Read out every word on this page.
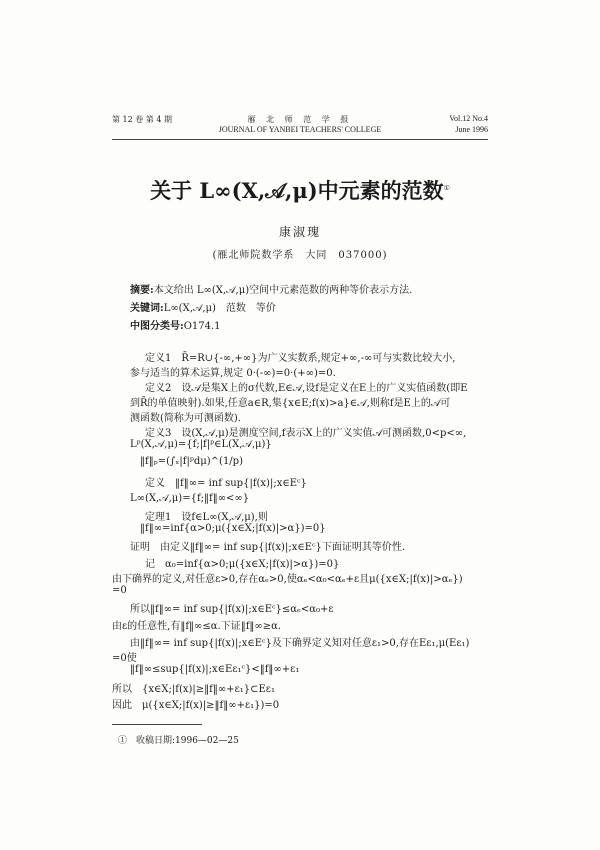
第 12 卷 第 4 期	雁 北 师 范 学 报
JOURNAL OF YANBEI TEACHERS' COLLEGE
Vol.12 No.4
June 1996
关于 L∞(X,𝒜,μ)中元素的范数①
康淑瑰
(雁北师院数学系　大同　037000)
摘要:本文给出 L∞(X,𝒜,μ)空间中元素范数的两种等价表示方法.
关键词:L∞(X,𝒜,μ)　范数　等价
中图分类号:O174.1
定义1　R̄=R∪{-∞,+∞}为广义实数系,规定+∞,-∞可与实数比较大小,
参与适当的算术运算,规定 0·(-∞)=0·(+∞)=0.
定义2　设𝒜是集X上的σ代数,E∈𝒜,设f是定义在E上的广义实值函数(即E
到R̄的单值映射).如果,任意a∈R,集{x∈E;f(x)>a}∈𝒜,则称f是E上的𝒜可
测函数(简称为可测函数).
定义3　设(X,𝒜,μ)是测度空间,f表示X上的广义实值𝒜可测函数,0<p<∞,
Lᵖ(X,𝒜,μ)={f;|f|ᵖ∈L(X,𝒜,μ)}
‖f‖ₚ=(∫ₓ|f|ᵖdμ)^(1/p)
定义　‖f‖∞= inf sup{|f(x)|;x∈Eᶜ}
L∞(X,𝒜,μ)={f;‖f‖∞<∞}
定理1　设f∈L∞(X,𝒜,μ),则
‖f‖∞=inf{α>0;μ({x∈X;|f(x)|>α})=0}
证明　由定义‖f‖∞= inf sup{|f(x)|;x∈Eᶜ}下面证明其等价性.
记　α₀=inf{α>0;μ({x∈X;|f(x)|>α})=0}
由下确界的定义,对任意ε>0,存在αₑ>0,使αₑ<α₀<αₑ+ε且μ({x∈X;|f(x)|>αₑ})
=0
所以‖f‖∞= inf sup{|f(x)|;x∈Eᶜ}≤αₑ<α₀+ε
由ε的任意性,有‖f‖∞≤α.下证‖f‖∞≥α.
由‖f‖∞= inf sup{|f(x)|;x∈Eᶜ}及下确界定义知对任意ε₁>0,存在Eε₁,μ(Eε₁)
=0使
‖f‖∞≤sup{|f(x)|;x∈Eε₁ᶜ}<‖f‖∞+ε₁
所以　{x∈X;|f(x)|≥‖f‖∞+ε₁}⊂Eε₁
因此　μ({x∈X;|f(x)|≥‖f‖∞+ε₁})=0
①　收稿日期:1996—02—25
